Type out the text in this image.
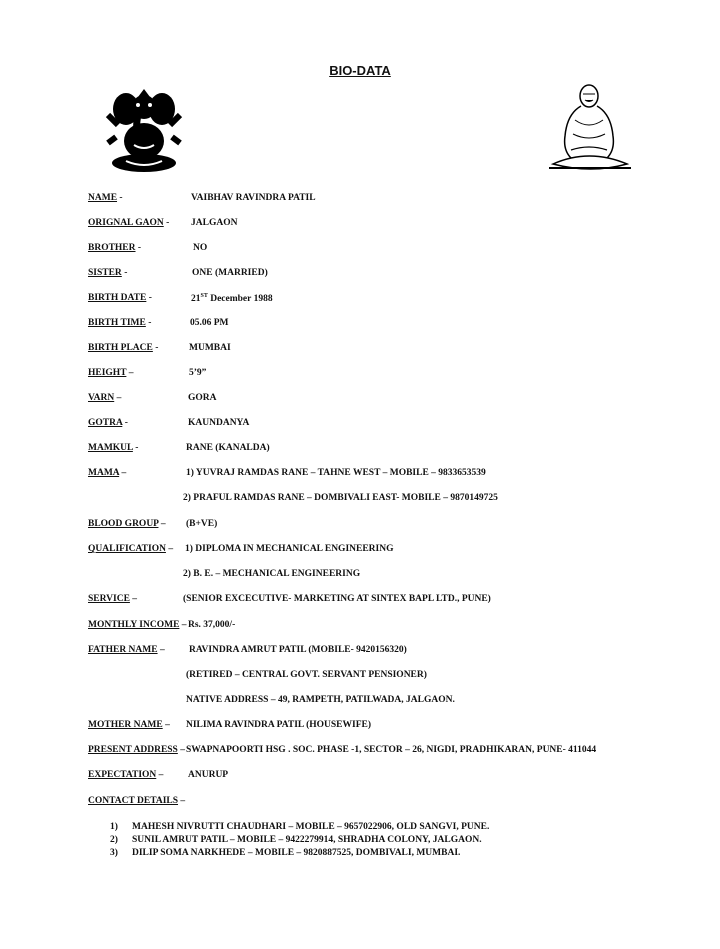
BIO-DATA
NAME -	VAIBHAV RAVINDRA PATIL
ORIGNAL GAON - JALGAON
BROTHER -	NO
SISTER -	ONE (MARRIED)
BIRTH DATE -	21ST December 1988
BIRTH TIME -	05.06 PM
BIRTH PLACE -	MUMBAI
HEIGHT –	5’9”
VARN –	GORA
GOTRA -	KAUNDANYA
MAMKUL -	RANE (KANALDA)
MAMA –	1) YUVRAJ RAMDAS RANE – TAHNE WEST – MOBILE – 9833653539
2) PRAFUL RAMDAS RANE – DOMBIVALI EAST- MOBILE – 9870149725
BLOOD GROUP – (B+VE)
QUALIFICATION – 1) DIPLOMA IN MECHANICAL ENGINEERING
2) B. E. – MECHANICAL ENGINEERING
SERVICE –	(SENIOR EXCECUTIVE- MARKETING AT SINTEX BAPL LTD., PUNE)
MONTHLY INCOME – Rs. 37,000/-
FATHER NAME –	RAVINDRA AMRUT PATIL (MOBILE- 9420156320)
(RETIRED – CENTRAL GOVT. SERVANT PENSIONER)
NATIVE ADDRESS – 49, RAMPETH, PATILWADA, JALGAON.
MOTHER NAME – NILIMA RAVINDRA PATIL (HOUSEWIFE)
PRESENT ADDRESS – SWAPNAPOORTI HSG . SOC. PHASE -1, SECTOR – 26, NIGDI, PRADHIKARAN, PUNE- 411044
EXPECTATION –	ANURUP
CONTACT DETAILS –
1) MAHESH NIVRUTTI CHAUDHARI – MOBILE – 9657022906, OLD SANGVI, PUNE.
2) SUNIL AMRUT PATIL – MOBILE – 9422279914, SHRADHA COLONY, JALGAON.
3) DILIP SOMA NARKHEDE – MOBILE – 9820887525, DOMBIVALI, MUMBAI.
